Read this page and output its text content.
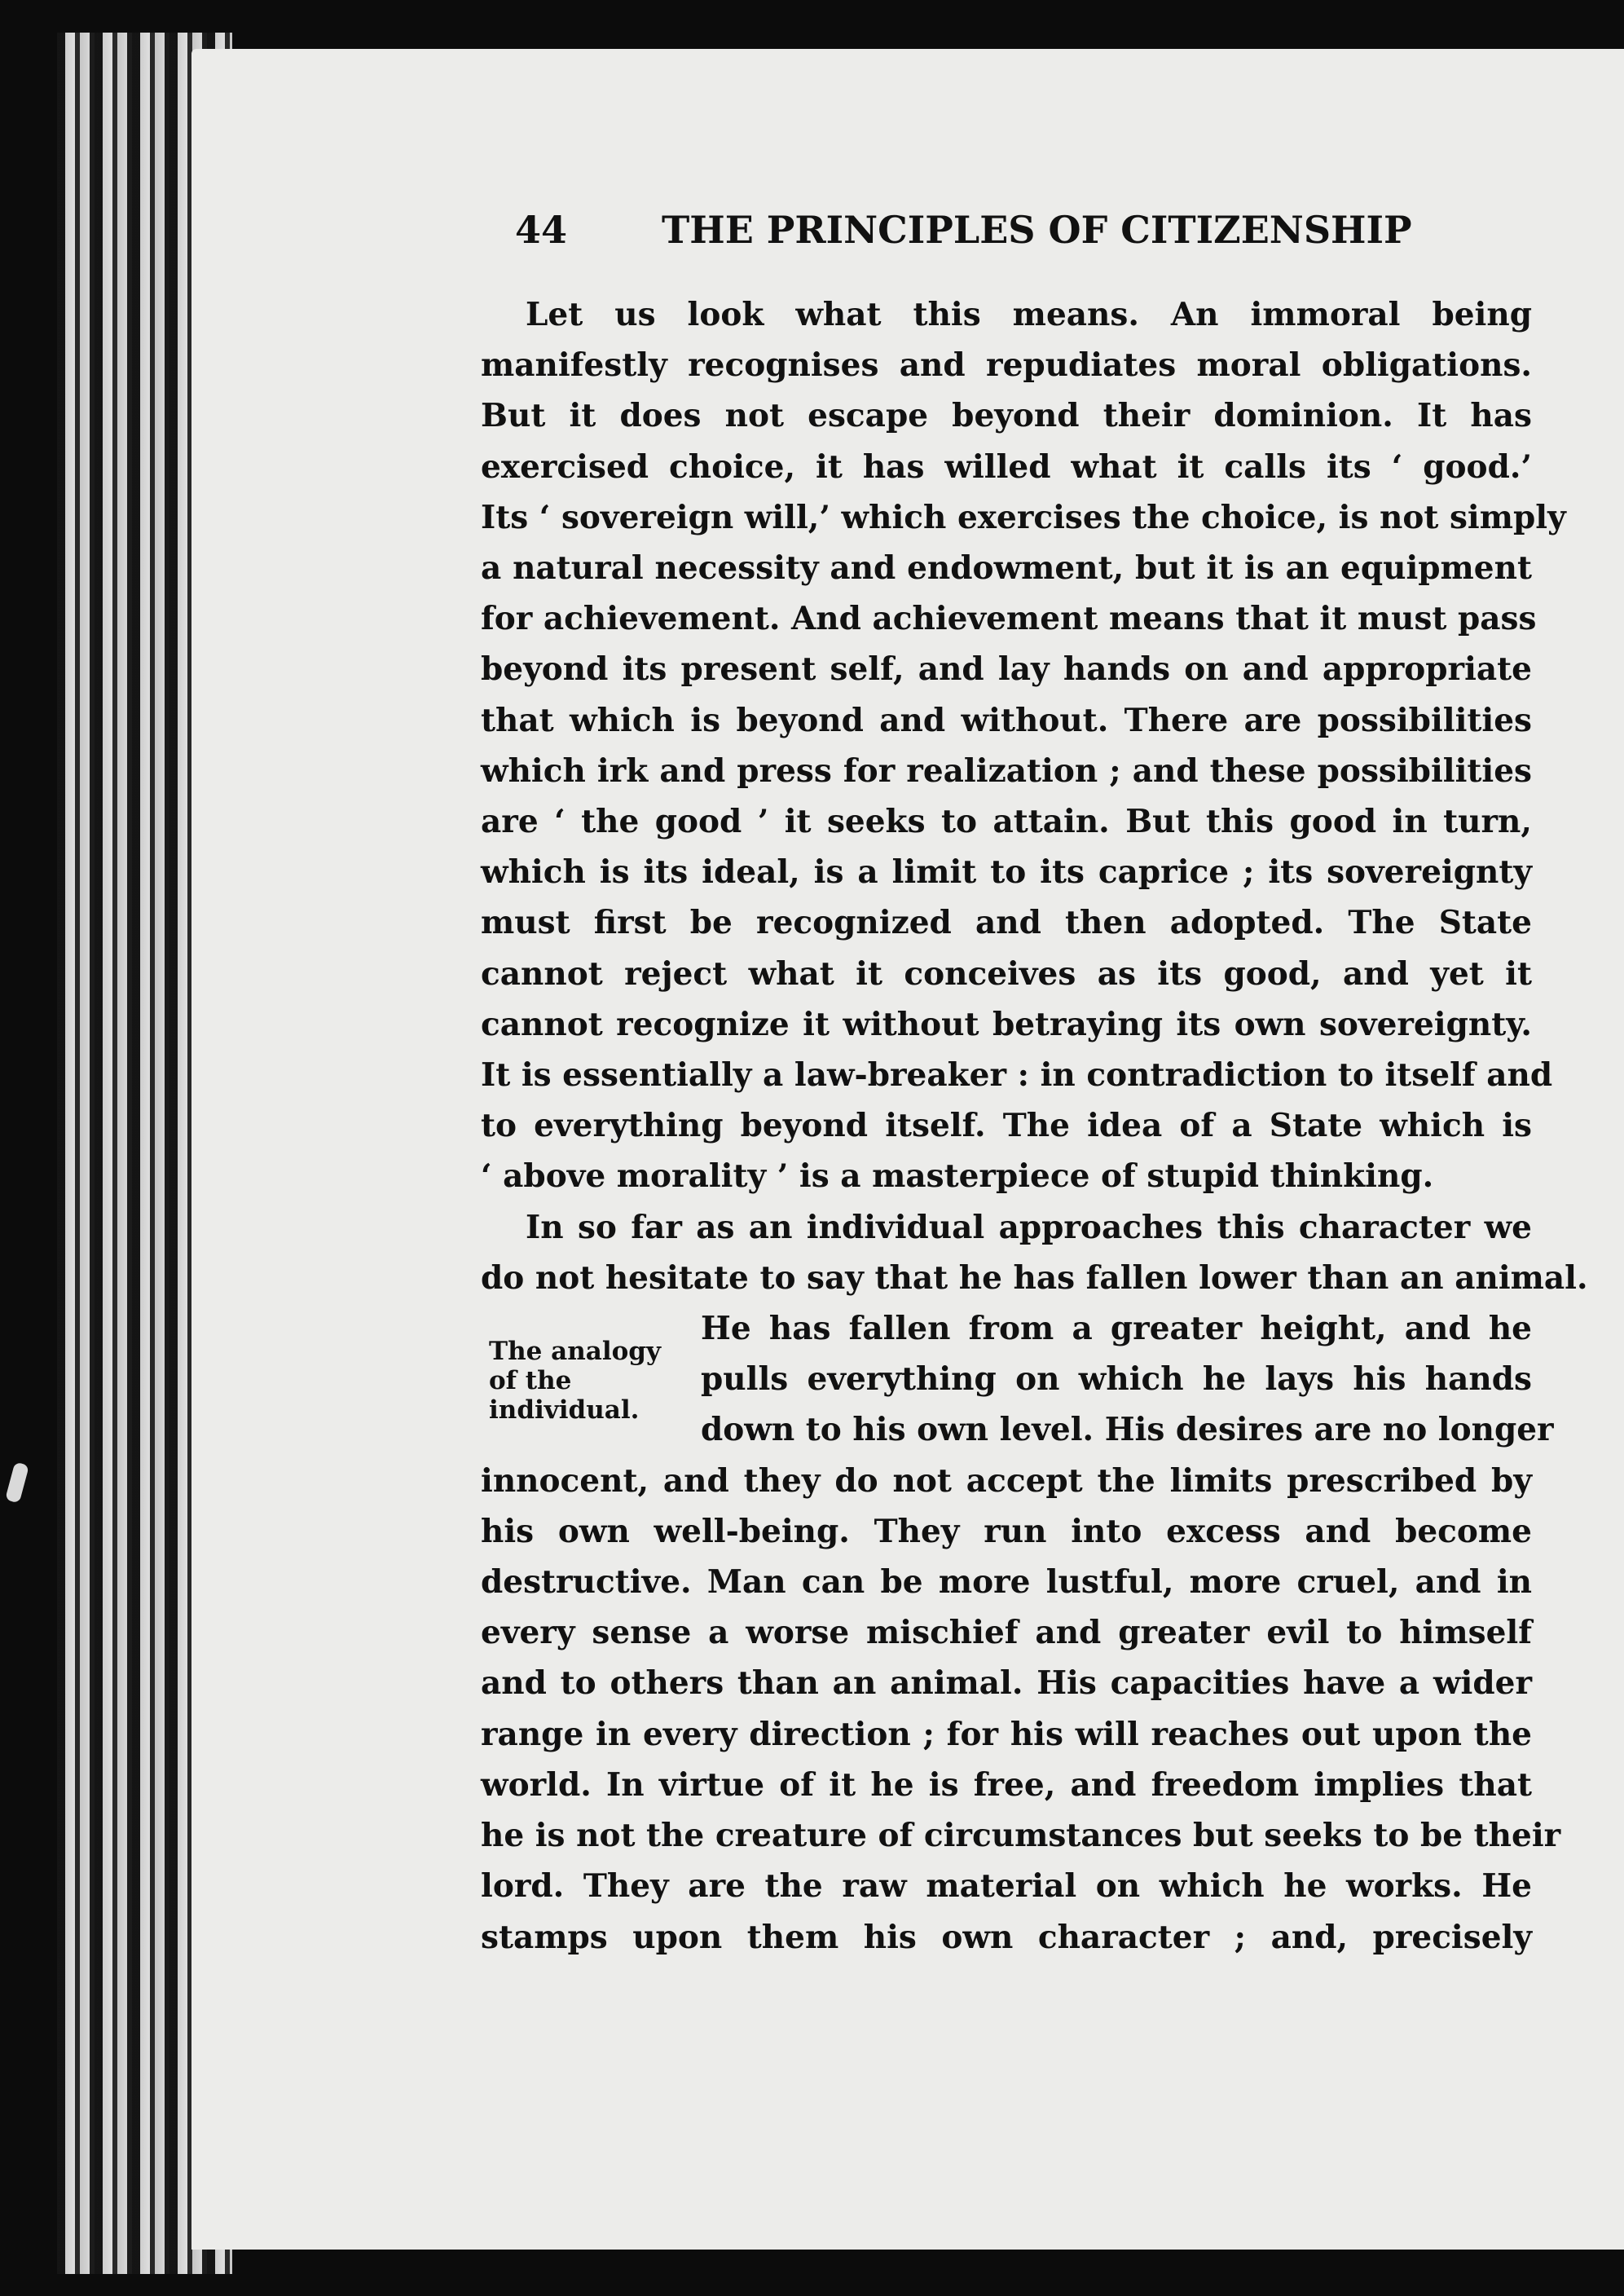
44	THE PRINCIPLES OF CITIZENSHIP
The analogy
of the
individual.
Let us look what this means. An immoral being
manifestly recognises and repudiates moral obligations.
But it does not escape beyond their dominion. It has
exercised choice, it has willed what it calls its ‘ good.’
Its ‘ sovereign will,’ which exercises the choice, is not simply
a natural necessity and endowment, but it is an equipment
for achievement. And achievement means that it must pass
beyond its present self, and lay hands on and appropriate
that which is beyond and without. There are possibilities
which irk and press for realization ; and these possibilities
are ‘ the good ’ it seeks to attain. But this good in turn,
which is its ideal, is a limit to its caprice ; its sovereignty
must first be recognized and then adopted. The State
cannot reject what it conceives as its good, and yet it
cannot recognize it without betraying its own sovereignty.
It is essentially a law-breaker : in contradiction to itself and
to everything beyond itself. The idea of a State which is
‘ above morality ’ is a masterpiece of stupid thinking.
In so far as an individual approaches this character we
do not hesitate to say that he has fallen lower than an animal.
He has fallen from a greater height, and he
pulls everything on which he lays his hands
down to his own level. His desires are no longer
innocent, and they do not accept the limits prescribed by
his own well-being. They run into excess and become
destructive. Man can be more lustful, more cruel, and in
every sense a worse mischief and greater evil to himself
and to others than an animal. His capacities have a wider
range in every direction ; for his will reaches out upon the
world. In virtue of it he is free, and freedom implies that
he is not the creature of circumstances but seeks to be their
lord. They are the raw material on which he works. He
stamps upon them his own character ; and, precisely
